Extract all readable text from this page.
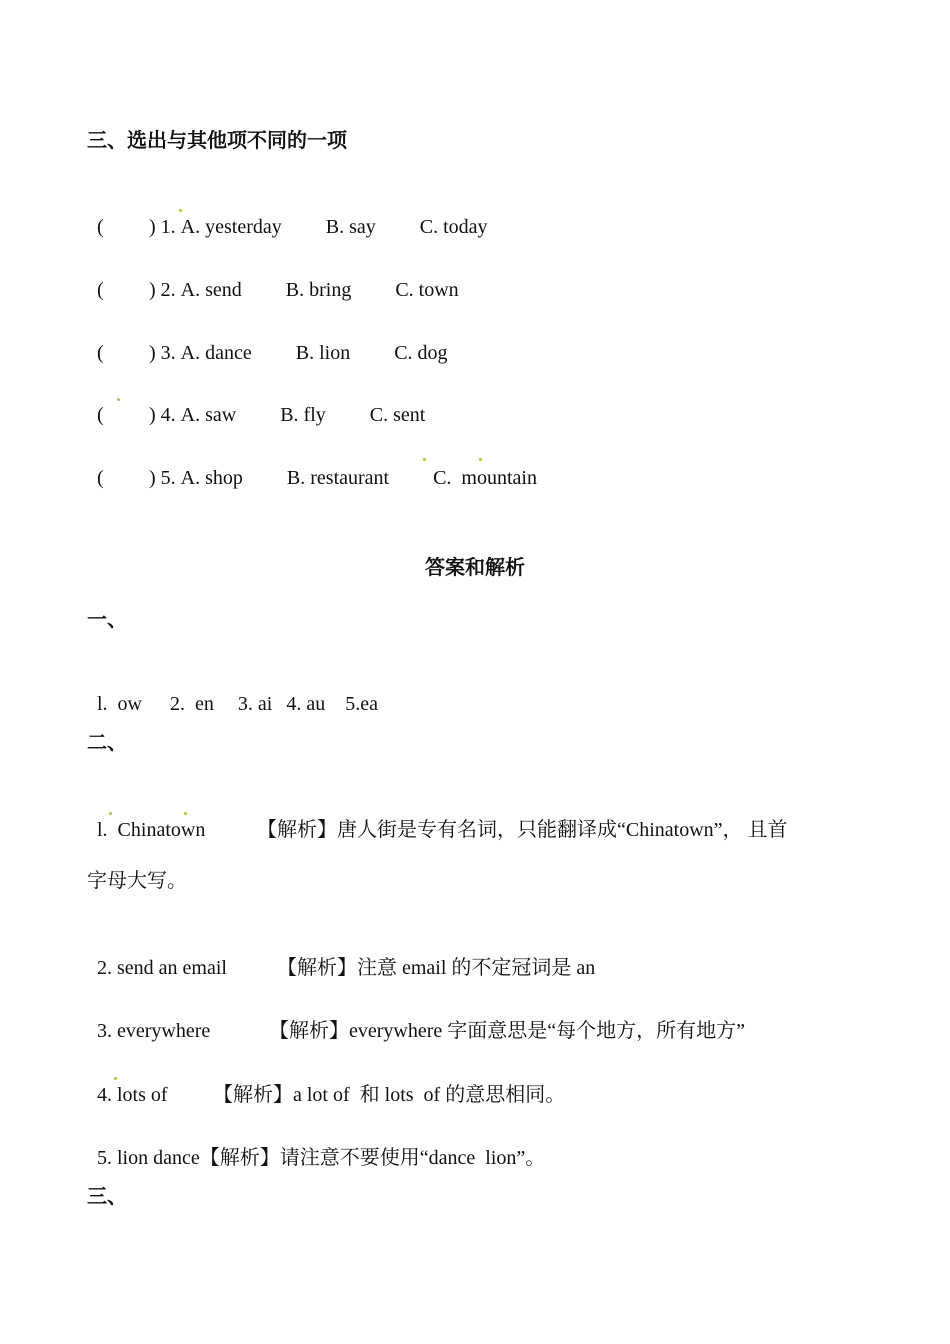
三、选出与其他项不同的一项

( ) 1. A. yesterday B. say C. today

( ) 2. A. send B. bring C. town

( ) 3. A. dance B. lion C. dog

( ) 4. A. saw B. fly C. sent

( ) 5. A. shop B. restaurant C.  mountain

答案和解析
一、

l.  ow 2.  en 3. ai 4. au 5.ea

二、

l.  Chinatown	【解析】唐人街是专有名词，只能翻译成“Chinatown”， 且首

字母大写。

2. send an email	【解析】注意 email 的不定冠词是 an

3. everywhere	【解析】everywhere 字面意思是“每个地方，所有地方”

4. lots of 【解析】a lot of  和 lots  of 的意思相同。

5. lion dance【解析】请注意不要使用“dance  lion”。

三、
